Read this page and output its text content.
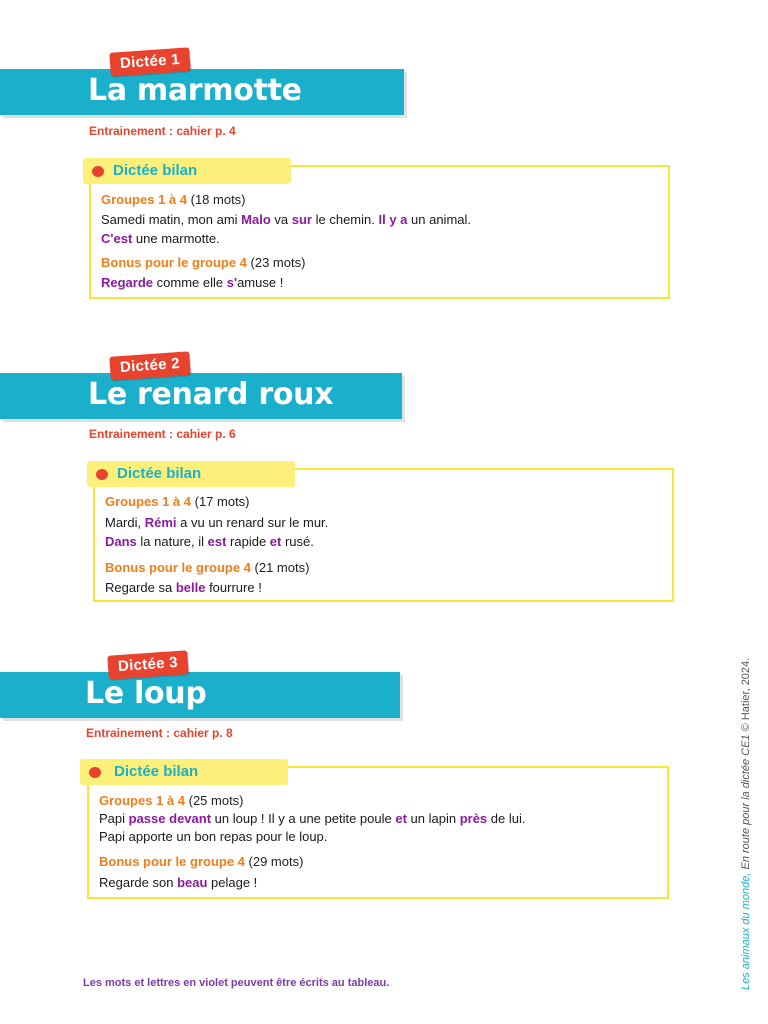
Dictée 1
La marmotte
Entrainement : cahier p. 4
Dictée bilan
Groupes 1 à 4 (18 mots)
Samedi matin, mon ami Malo va sur le chemin. Il y a un animal.
C'est une marmotte.
Bonus pour le groupe 4 (23 mots)
Regarde comme elle s'amuse !
Dictée 2
Le renard roux
Entrainement : cahier p. 6
Dictée bilan
Groupes 1 à 4 (17 mots)
Mardi, Rémi a vu un renard sur le mur.
Dans la nature, il est rapide et rusé.
Bonus pour le groupe 4 (21 mots)
Regarde sa belle fourrure !
Dictée 3
Le loup
Entrainement : cahier p. 8
Dictée bilan
Groupes 1 à 4 (25 mots)
Papi passe devant un loup ! Il y a une petite poule et un lapin près de lui.
Papi apporte un bon repas pour le loup.
Bonus pour le groupe 4 (29 mots)
Regarde son beau pelage !
Les mots et lettres en violet peuvent être écrits au tableau.	Les animaux du monde, En route pour la dictée CE1 © Hatier, 2024.
